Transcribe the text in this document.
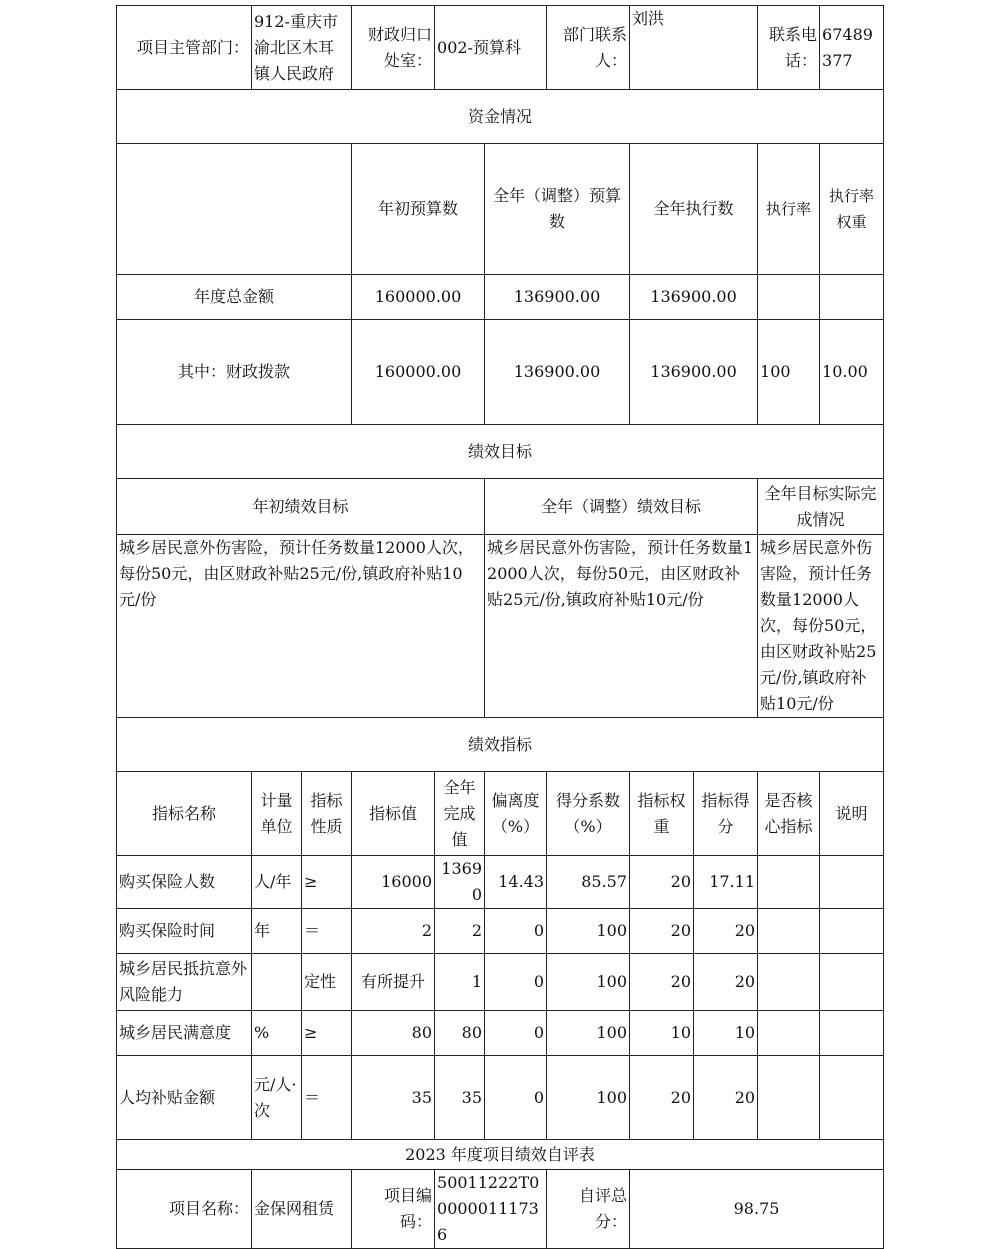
项目主管部门：	912-重庆市渝北区木耳镇人民政府		财政归口处室：	002-预算科		部门联系人：	刘洪		联系电话：	67489377	
资金情况											
			年初预算数		全年（调整）预算数		全年执行数		执行率	执行率权重	
年度总金额			160000.00		136900.00		136900.00				
其中：财政拨款			160000.00		136900.00		136900.00		100	10.00	
绩效目标											
年初绩效目标					全年（调整）绩效目标				全年目标实际完成情况		
城乡居民意外伤害险，预计任务数量12000人次，每份50元，由区财政补贴25元/份,镇政府补贴10元/份					城乡居民意外伤害险，预计任务数量12000人次，每份50元，由区财政补贴25元/份,镇政府补贴10元/份				城乡居民意外伤害险，预计任务数量12000人次，每份50元，由区财政补贴25元/份,镇政府补贴10元/份		
绩效指标											
指标名称	计量单位	指标性质	指标值	全年完成值	偏离度（%）	得分系数（%）	指标权重	指标得分	是否核心指标	说明	
购买保险人数	人/年	≥	16000	13690	14.43	85.57	20	17.11			
购买保险时间	年	＝	2	2	0	100	20	20			
城乡居民抵抗意外风险能力		定性	有所提升	1	0	100	20	20			
城乡居民满意度	%	≥	80	80	0	100	10	10			
人均补贴金额	元/人·次	＝	35	35	0	100	20	20			
2023 年度项目绩效自评表											
项目名称：	金保网租赁		项目编码：	50011222T000000111736		自评总分：	98.75				
